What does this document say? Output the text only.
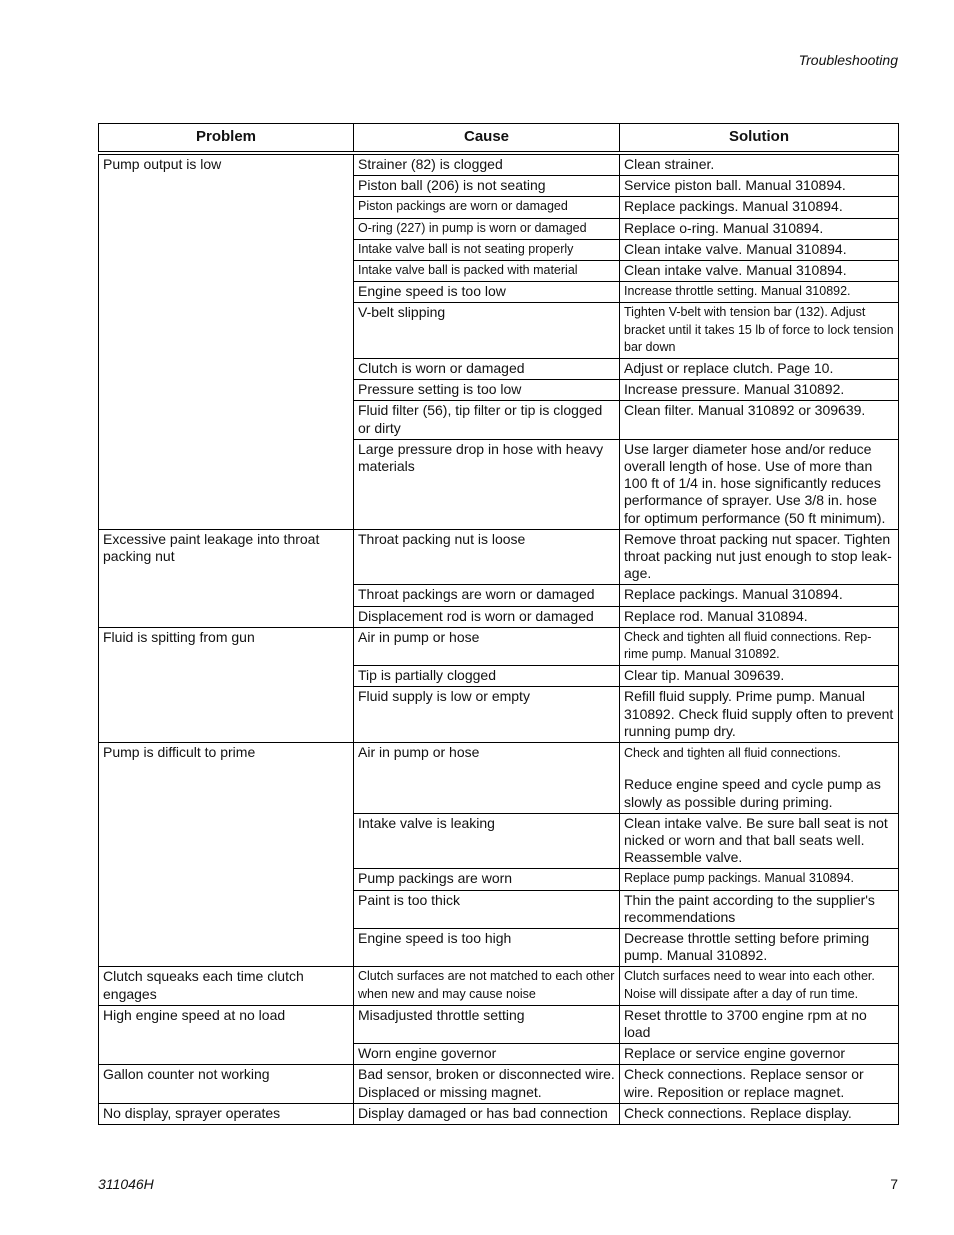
Troubleshooting
Problem	Cause	Solution
Pump output is low	Strainer (82) is clogged	Clean strainer.
	Piston ball (206) is not seating	Service piston ball. Manual 310894.
	Piston packings are worn or damaged	Replace packings. Manual 310894.
	O-ring (227) in pump is worn or damaged	Replace o-ring. Manual 310894.
	Intake valve ball is not seating properly	Clean intake valve. Manual 310894.
	Intake valve ball is packed with material	Clean intake valve. Manual 310894.
	Engine speed is too low	Increase throttle setting. Manual 310892.
	V-belt slipping	Tighten V-belt with tension bar (132). Adjust bracket until it takes 15 lb of force to lock tension bar down
	Clutch is worn or damaged	Adjust or replace clutch. Page 10.
	Pressure setting is too low	Increase pressure. Manual 310892.
	Fluid filter (56), tip filter or tip is clogged or dirty	Clean filter. Manual 310892 or 309639.
	Large pressure drop in hose with heavy materials	Use larger diameter hose and/or reduce overall length of hose. Use of more than 100 ft of 1/4 in. hose significantly reduces performance of sprayer. Use 3/8 in. hose for optimum performance (50 ft minimum).
Excessive paint leakage into throat packing nut	Throat packing nut is loose	Remove throat packing nut spacer. Tighten throat packing nut just enough to stop leak-age.
	Throat packings are worn or damaged	Replace packings. Manual 310894.
	Displacement rod is worn or damaged	Replace rod. Manual 310894.
Fluid is spitting from gun	Air in pump or hose	Check and tighten all fluid connections. Rep-rime pump. Manual 310892.
	Tip is partially clogged	Clear tip. Manual 309639.
	Fluid supply is low or empty	Refill fluid supply. Prime pump. Manual 310892. Check fluid supply often to prevent running pump dry.
Pump is difficult to prime	Air in pump or hose	Check and tighten all fluid connections.
Reduce engine speed and cycle pump as slowly as possible during priming.
	Intake valve is leaking	Clean intake valve. Be sure ball seat is not nicked or worn and that ball seats well. Reassemble valve.
	Pump packings are worn	Replace pump packings. Manual 310894.
	Paint is too thick	Thin the paint according to the supplier's recommendations
	Engine speed is too high	Decrease throttle setting before priming pump. Manual 310892.
Clutch squeaks each time clutch engages	Clutch surfaces are not matched to each other when new and may cause noise	Clutch surfaces need to wear into each other. Noise will dissipate after a day of run time.
High engine speed at no load	Misadjusted throttle setting	Reset throttle to 3700 engine rpm at no load
	Worn engine governor	Replace or service engine governor
Gallon counter not working	Bad sensor, broken or disconnected wire. Displaced or missing magnet.	Check connections. Replace sensor or wire. Reposition or replace magnet.
No display, sprayer operates	Display damaged or has bad connection	Check connections. Replace display.
311046H	7
